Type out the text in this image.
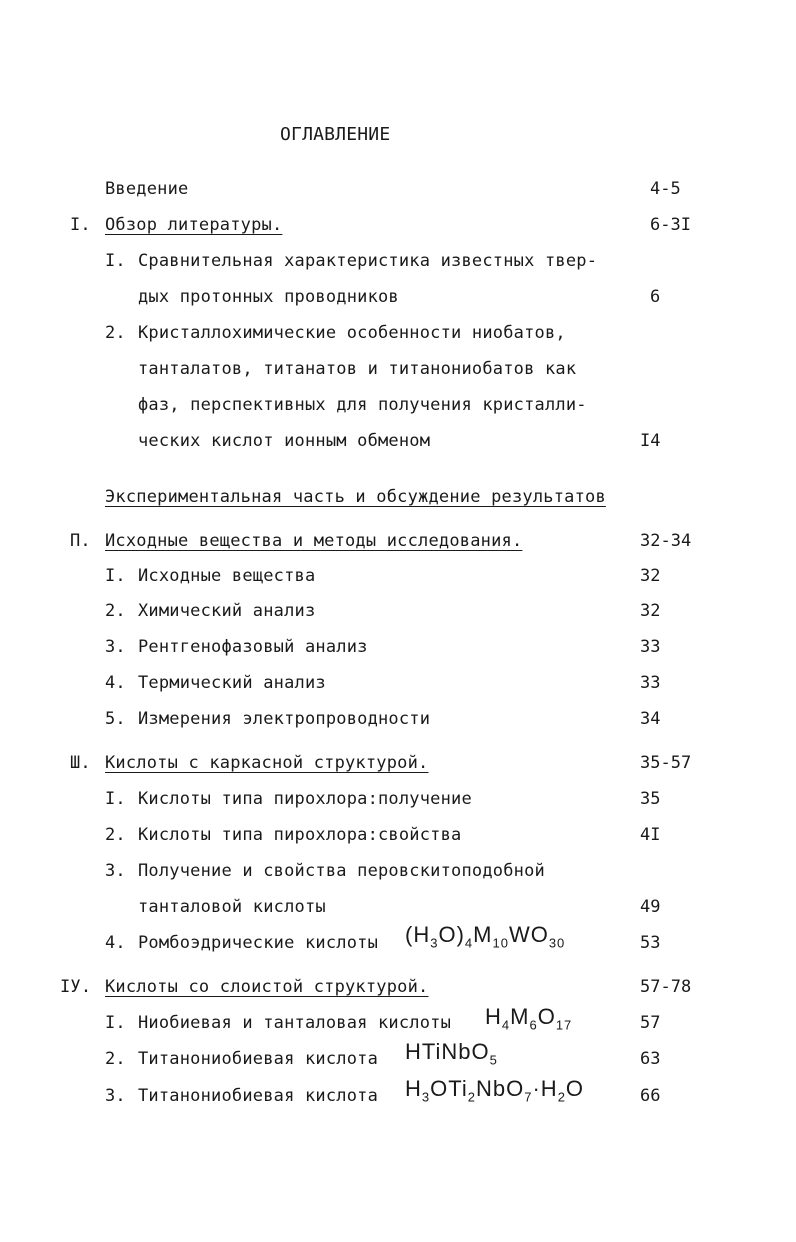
ОГЛАВЛЕНИЕ
Введение	4-5
I. Обзор литературы.	6-3I
I. Сравнительная характеристика известных твер-
дых протонных проводников	6
2. Кристаллохимические особенности ниобатов,
танталатов, титанатов и титанониобатов как
фаз, перспективных для получения кристалли-
ческих кислот ионным обменом	I4
Экспериментальная часть и обсуждение результатов
П. Исходные вещества и методы исследования.	32-34
I. Исходные вещества	32
2. Химический анализ	32
3. Рентгенофазовый анализ	33
4. Термический анализ	33
5. Измерения электропроводности	34
Ш. Кислоты с каркасной структурой.	35-57
I. Кислоты типа пирохлора:получение	35
2. Кислоты типа пирохлора:свойства	4I
3. Получение и свойства перовскитоподобной
танталовой кислоты	49
4. Ромбоэдрические кислоты $(H_3O)_4M_{10}WO_{30}$	53
IУ. Кислоты со слоистой структурой.	57-78
I. Ниобиевая и танталовая кислоты $H_4M_6O_{17}$	57
2. Титанониобиевая кислота HTiNbO$_5$	63
3. Титанониобиевая кислота $H_3OTi_2NbO_7\cdot H_2O$	66
